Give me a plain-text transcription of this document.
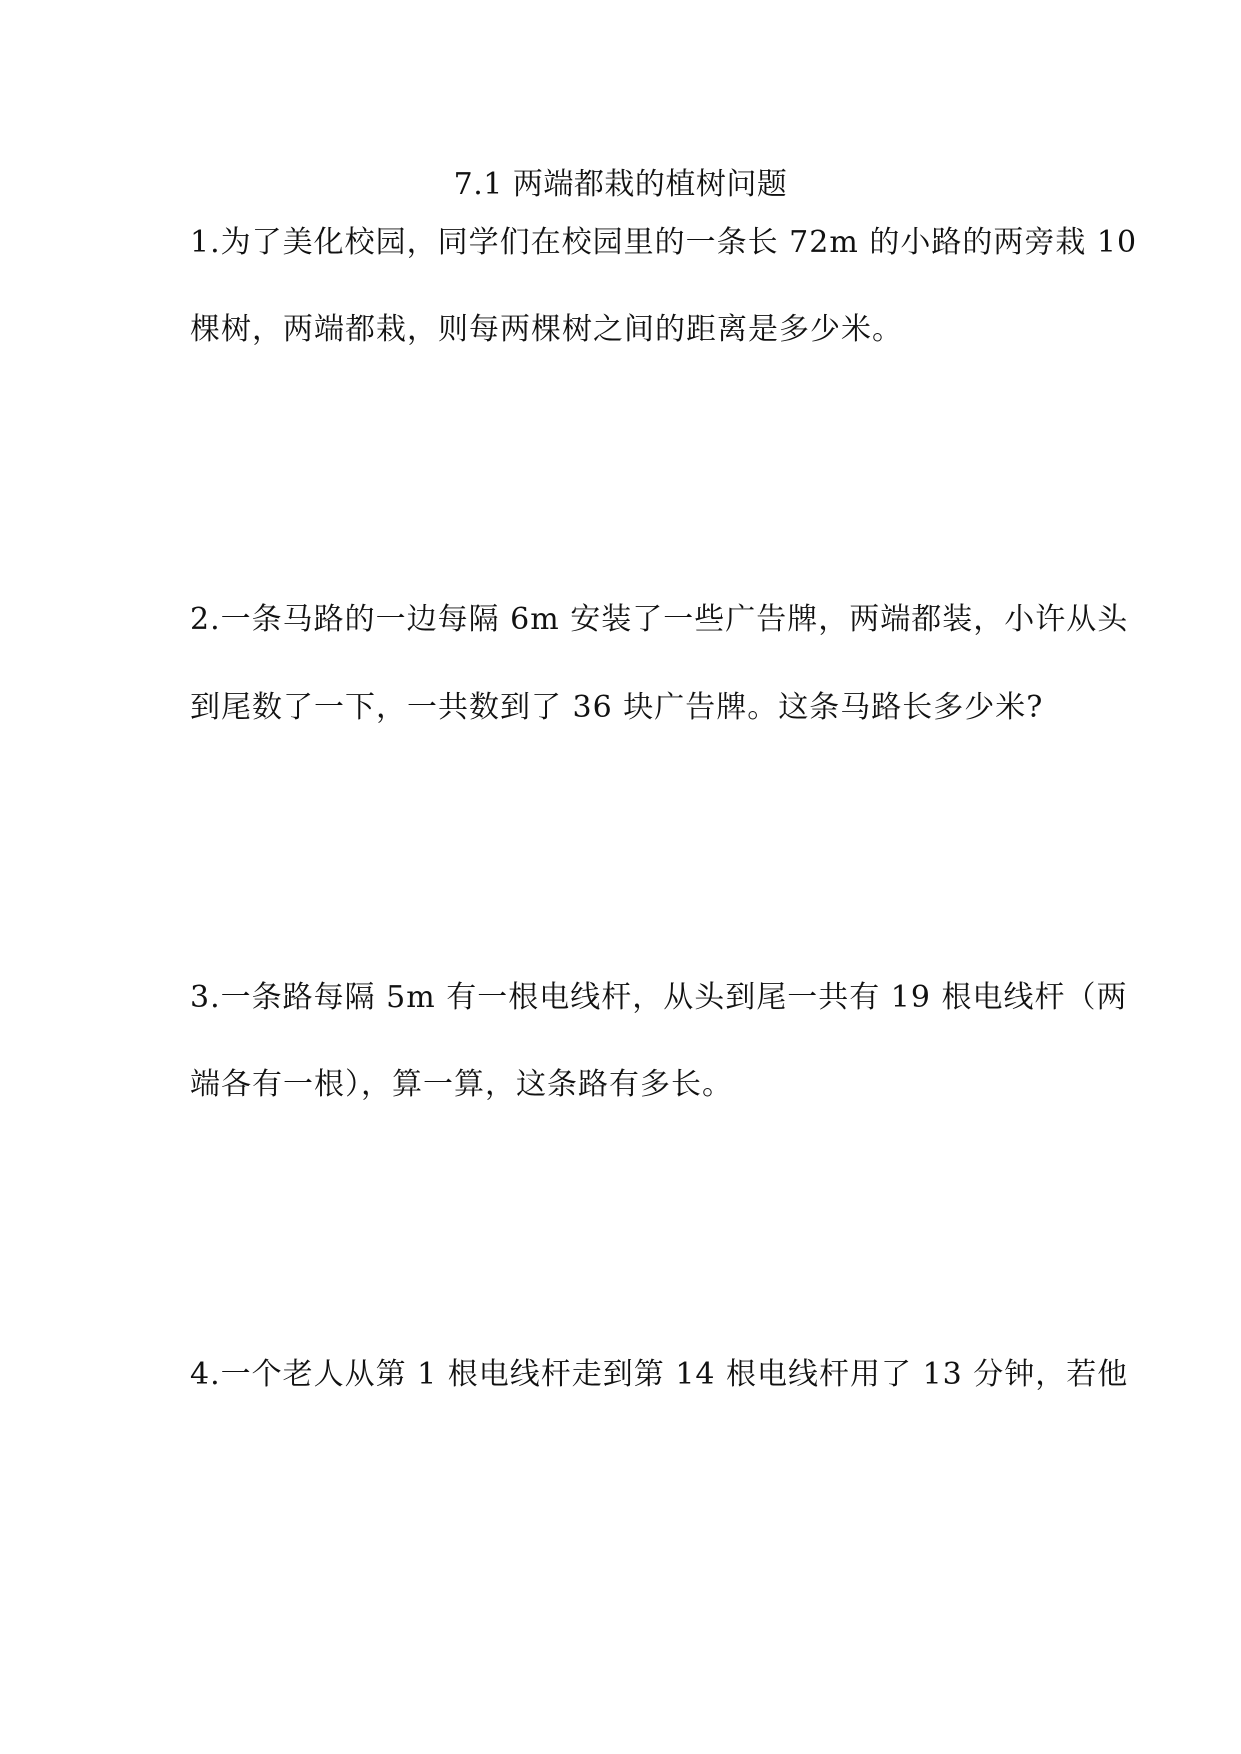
7.1 两端都栽的植树问题
1.为了美化校园，同学们在校园里的一条长 72m 的小路的两旁栽 10
棵树，两端都栽，则每两棵树之间的距离是多少米。
2.一条马路的一边每隔 6m 安装了一些广告牌，两端都装，小许从头
到尾数了一下，一共数到了 36 块广告牌。这条马路长多少米?
3.一条路每隔 5m 有一根电线杆，从头到尾一共有 19 根电线杆（两
端各有一根），算一算，这条路有多长。
4.一个老人从第 1 根电线杆走到第 14 根电线杆用了 13 分钟，若他
